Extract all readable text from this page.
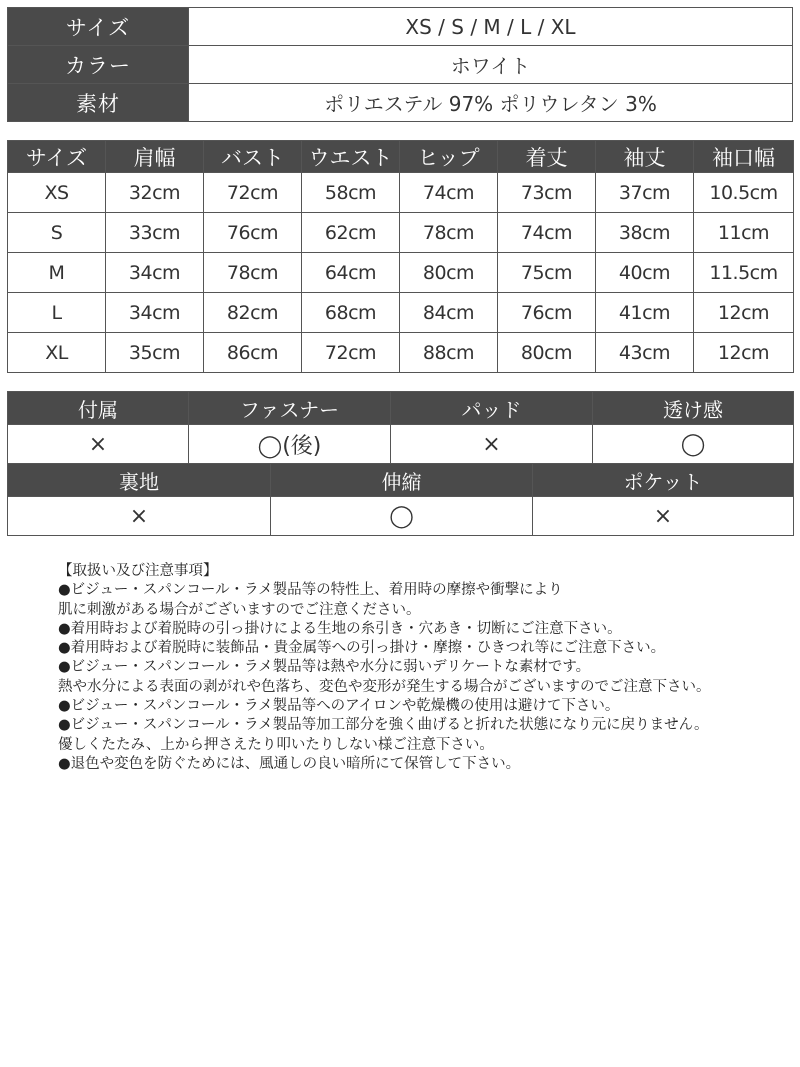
サイズ	XS / S / M / L / XL
カラー	ホワイト
素材	ポリエステル 97% ポリウレタン 3%
サイズ	肩幅	バスト	ウエスト	ヒップ	着丈	袖丈	袖口幅
XS	32cm	72cm	58cm	74cm	73cm	37cm	10.5cm
S	33cm	76cm	62cm	78cm	74cm	38cm	11cm
M	34cm	78cm	64cm	80cm	75cm	40cm	11.5cm
L	34cm	82cm	68cm	84cm	76cm	41cm	12cm
XL	35cm	86cm	72cm	88cm	80cm	43cm	12cm
付属	ファスナー	パッド	透け感
×	◯(後)	×	◯
裏地	伸縮	ポケット
×	◯	×

【取扱い及び注意事項】

●ビジュー・スパンコール・ラメ製品等の特性上、着用時の摩擦や衝撃により

肌に刺激がある場合がございますのでご注意ください。

●着用時および着脱時の引っ掛けによる生地の糸引き・穴あき・切断にご注意下さい。

●着用時および着脱時に装飾品・貴金属等への引っ掛け・摩擦・ひきつれ等にご注意下さい。

●ビジュー・スパンコール・ラメ製品等は熱や水分に弱いデリケートな素材です。

熱や水分による表面の剥がれや色落ち、変色や変形が発生する場合がございますのでご注意下さい。

●ビジュー・スパンコール・ラメ製品等へのアイロンや乾燥機の使用は避けて下さい。

●ビジュー・スパンコール・ラメ製品等加工部分を強く曲げると折れた状態になり元に戻りません。

優しくたたみ、上から押さえたり叩いたりしない様ご注意下さい。

●退色や変色を防ぐためには、風通しの良い暗所にて保管して下さい。
